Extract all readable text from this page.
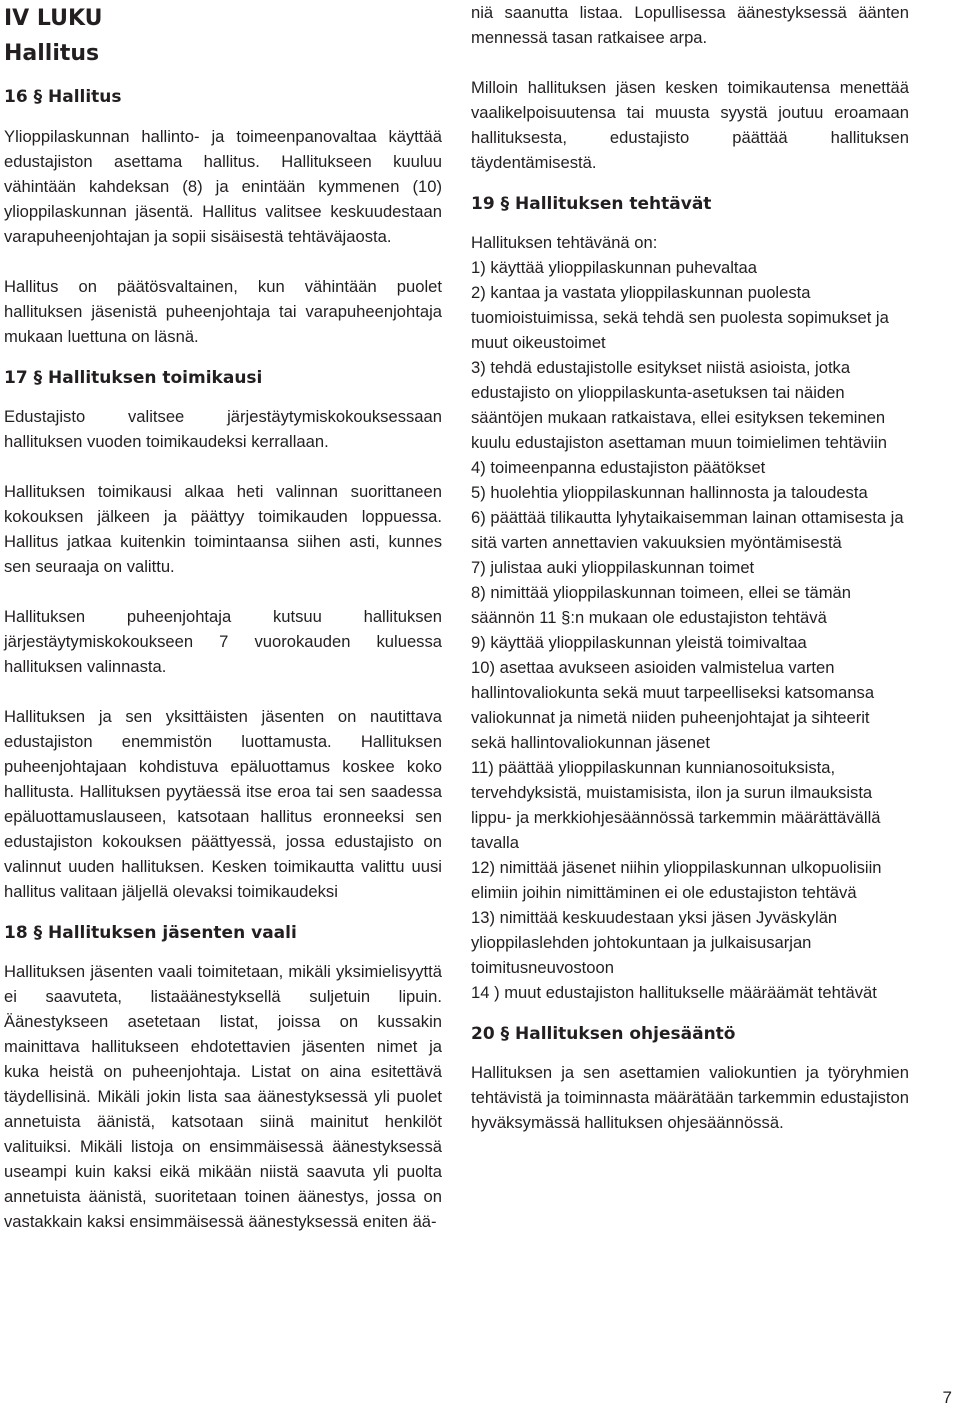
IV LUKU
Hallitus
16 § Hallitus

Ylioppilaskunnan hallinto- ja toimeenpanovaltaa käyttää edustajiston asettama hallitus. Hallitukseen kuuluu vähintään kahdeksan (8) ja enintään kymmenen (10) ylioppilaskunnan jäsentä. Hallitus valitsee keskuudestaan varapuheenjohtajan ja sopii sisäisestä tehtäväjaosta.

Hallitus on päätösvaltainen, kun vähintään puolet hallituksen jäsenistä puheenjohtaja tai varapuheenjohtaja mukaan luettuna on läsnä.

17 § Hallituksen toimikausi

Edustajisto valitsee järjestäytymiskokouksessaan hallituksen vuoden toimikaudeksi kerrallaan.

Hallituksen toimikausi alkaa heti valinnan suorittaneen kokouksen jälkeen ja päättyy toimikauden loppuessa. Hallitus jatkaa kuitenkin toimintaansa siihen asti, kunnes sen seuraaja on valittu.

Hallituksen puheenjohtaja kutsuu hallituksen järjestäytymiskokoukseen 7 vuorokauden kuluessa hallituksen valinnasta.

Hallituksen ja sen yksittäisten jäsenten on nautittava edustajiston enemmistön luottamusta. Hallituksen puheenjohtajaan kohdistuva epäluottamus koskee koko hallitusta. Hallituksen pyytäessä itse eroa tai sen saadessa epäluottamuslauseen, katsotaan hallitus eronneeksi sen edustajiston kokouksen päättyessä, jossa edustajisto on valinnut uuden hallituksen. Kesken toimikautta valittu uusi hallitus valitaan jäljellä olevaksi toimikaudeksi

18 § Hallituksen jäsenten vaali

Hallituksen jäsenten vaali toimitetaan, mikäli yksimielisyyttä ei saavuteta, listaäänestyksellä suljetuin lipuin. Äänestykseen asetetaan listat, joissa on kussakin mainittava hallitukseen ehdotettavien jäsenten nimet ja kuka heistä on puheenjohtaja. Listat on aina esitettävä täydellisinä. Mikäli jokin lista saa äänestyksessä yli puolet annetuista äänistä, katsotaan siinä mainitut henkilöt valituiksi. Mikäli listoja on ensimmäisessä äänestyksessä useampi kuin kaksi eikä mikään niistä saavuta yli puolta annetuista äänistä, suoritetaan toinen äänestys, jossa on vastakkain kaksi ensimmäisessä äänestyksessä eniten ää-

niä saanutta listaa. Lopullisessa äänestyksessä äänten mennessä tasan ratkaisee arpa.

Milloin hallituksen jäsen kesken toimikautensa menettää vaalikelpoisuutensa tai muusta syystä joutuu eroamaan hallituksesta, edustajisto päättää hallituksen täydentämisestä.

19 § Hallituksen tehtävät

Hallituksen tehtävänä on:

1) käyttää ylioppilaskunnan puhevaltaa
2) kantaa ja vastata ylioppilaskunnan puolesta tuomioistuimissa, sekä tehdä sen puolesta sopimukset ja muut oikeustoimet
3) tehdä edustajistolle esitykset niistä asioista, jotka edustajisto on ylioppilaskunta-asetuksen tai näiden sääntöjen mukaan ratkaistava, ellei esityksen tekeminen kuulu edustajiston asettaman muun toimielimen tehtäviin
4) toimeenpanna edustajiston päätökset
5) huolehtia ylioppilaskunnan hallinnosta ja taloudesta
6) päättää tilikautta lyhytaikaisemman lainan ottamisesta ja sitä varten annettavien vakuuksien myöntämisestä
7) julistaa auki ylioppilaskunnan toimet
8) nimittää ylioppilaskunnan toimeen, ellei se tämän säännön 11 §:n mukaan ole edustajiston tehtävä
9) käyttää ylioppilaskunnan yleistä toimivaltaa
10) asettaa avukseen asioiden valmistelua varten hallintovaliokunta sekä muut tarpeelliseksi katsomansa valiokunnat ja nimetä niiden puheenjohtajat ja sihteerit sekä hallintovaliokunnan jäsenet
11) päättää ylioppilaskunnan kunnianosoituksista, tervehdyksistä, muistamisista, ilon ja surun ilmauksista lippu- ja merkkiohjesäännössä tarkemmin määrättävällä tavalla
12) nimittää jäsenet niihin ylioppilaskunnan ulkopuolisiin elimiin joihin nimittäminen ei ole edustajiston tehtävä
13) nimittää keskuudestaan yksi jäsen Jyväskylän ylioppilaslehden johtokuntaan ja julkaisusarjan toimitusneuvostoon
14 ) muut edustajiston hallitukselle määräämät tehtävät
20 § Hallituksen ohjesääntö

Hallituksen ja sen asettamien valiokuntien ja työryhmien tehtävistä ja toiminnasta määrätään tarkemmin edustajiston hyväksymässä hallituksen ohjesäännössä.

7
